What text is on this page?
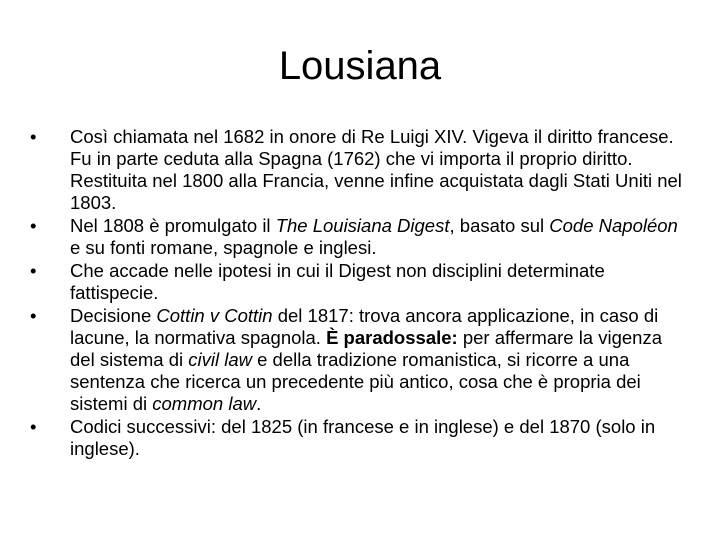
Lousiana
•	Così chiamata nel 1682 in onore di Re Luigi XIV. Vigeva il diritto francese. Fu in parte ceduta alla Spagna (1762) che vi importa il proprio diritto. Restituita nel 1800 alla Francia, venne infine acquistata dagli Stati Uniti nel 1803.
•	Nel 1808 è promulgato il The Louisiana Digest, basato sul Code Napoléon e su fonti romane, spagnole e inglesi.
•	Che accade nelle ipotesi in cui il Digest non disciplini determinate fattispecie.
•	Decisione Cottin v Cottin del 1817: trova ancora applicazione, in caso di lacune, la normativa spagnola. È paradossale: per affermare la vigenza del sistema di civil law e della tradizione romanistica, si ricorre a una sentenza che ricerca un precedente più antico, cosa che è propria dei sistemi di common law.
•	Codici successivi: del 1825 (in francese e in inglese) e del 1870 (solo in inglese).
